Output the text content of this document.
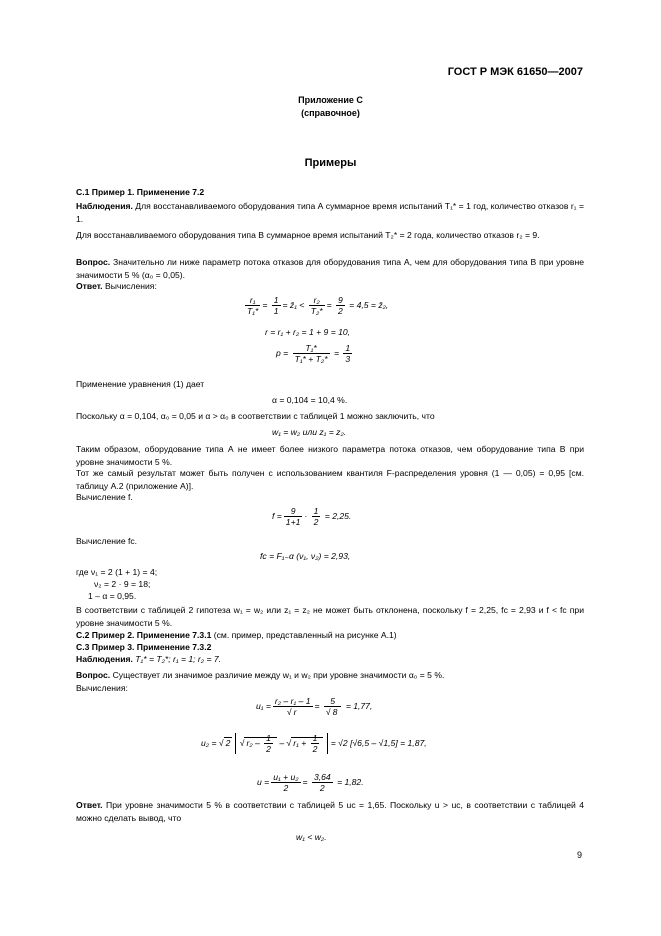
ГОСТ Р МЭК 61650—2007
Приложение С
(справочное)
Примеры
С.1 Пример 1. Применение 7.2
Наблюдения. Для восстанавливаемого оборудования типа А суммарное время испытаний T₁* = 1 год, количество отказов r₁ = 1.
Для восстанавливаемого оборудования типа В суммарное время испытаний T₂* = 2 года, количество отказов r₂ = 9.
Вопрос. Значительно ли ниже параметр потока отказов для оборудования типа А, чем для оборудования типа В при уровне значимости 5 % (α₀ = 0,05).
Ответ. Вычисления:
$\frac{\text{r₁}}{\text{T₁*}} = \frac{1}{1}$ = ẑ₁ < $\frac{\text{r₂}}{\text{T₂*}} = \frac{9}{2} = 4,5$ = ẑ₂,
r = r₁ + r₂ = 1 + 9 = 10,
$p = \frac{\text{T₁*}}{\text{T₁* + T₂*}} = \frac{1}{3}$
Применение уравнения (1) дает
α = 0,104 = 10,4 %.
Поскольку α = 0,104, α₀ = 0,05 и α > α₀ в соответствии с таблицей 1 можно заключить, что
w₁ = w₂ или z₁ = z₂.
Таким образом, оборудование типа А не имеет более низкого параметра потока отказов, чем оборудование типа В при уровне значимости 5 %.
Тот же самый результат может быть получен с использованием квантиля F-распределения уровня (1 — 0,05) = 0,95 [см. таблицу А.2 (приложение А)].
Вычисление f.
$f = \frac{9}{1+1} \cdot \frac{1}{2} = 2,25$.
Вычисление fc.
fc = F₁₋α (ν₁, ν₂) = 2,93,
где ν₁ = 2 (1 + 1) = 4;
ν₂ = 2 · 9 = 18;
1 – α = 0,95.
В соответствии с таблицей 2 гипотеза w₁ = w₂ или z₁ = z₂ не может быть отклонена, поскольку f = 2,25, fc = 2,93 и f < fc при уровне значимости 5 %.
С.2 Пример 2. Применение 7.3.1 (см. пример, представленный на рисунке А.1)
С.3 Пример 3. Применение 7.3.2
Наблюдения. T₁* = T₂*; r₁ = 1; r₂ = 7.
Вопрос. Существует ли значимое различие между w₁ и w₂ при уровне значимости α₀ = 5 %.
Вычисления:
$u_1 = \frac{\text{r₂ – r₁ – 1}}{√ r} = \frac{5}{√ 8} = 1,77$,
u₂ = √ 2 √ $r_2 - \frac{1}{2}$ – √ $r_1 + \frac{1}{2} = √2$ [√6,5 – √1,5] = 1,87,
$u = \frac{\text{u₁ + u₂}}{2} = \frac{3,64}{2} = 1,82$.
Ответ. При уровне значимости 5 % в соответствии с таблицей 5 uc = 1,65. Поскольку u > uc, в соответствии с таблицей 4 можно сделать вывод, что
w₁ < w₂.
9
